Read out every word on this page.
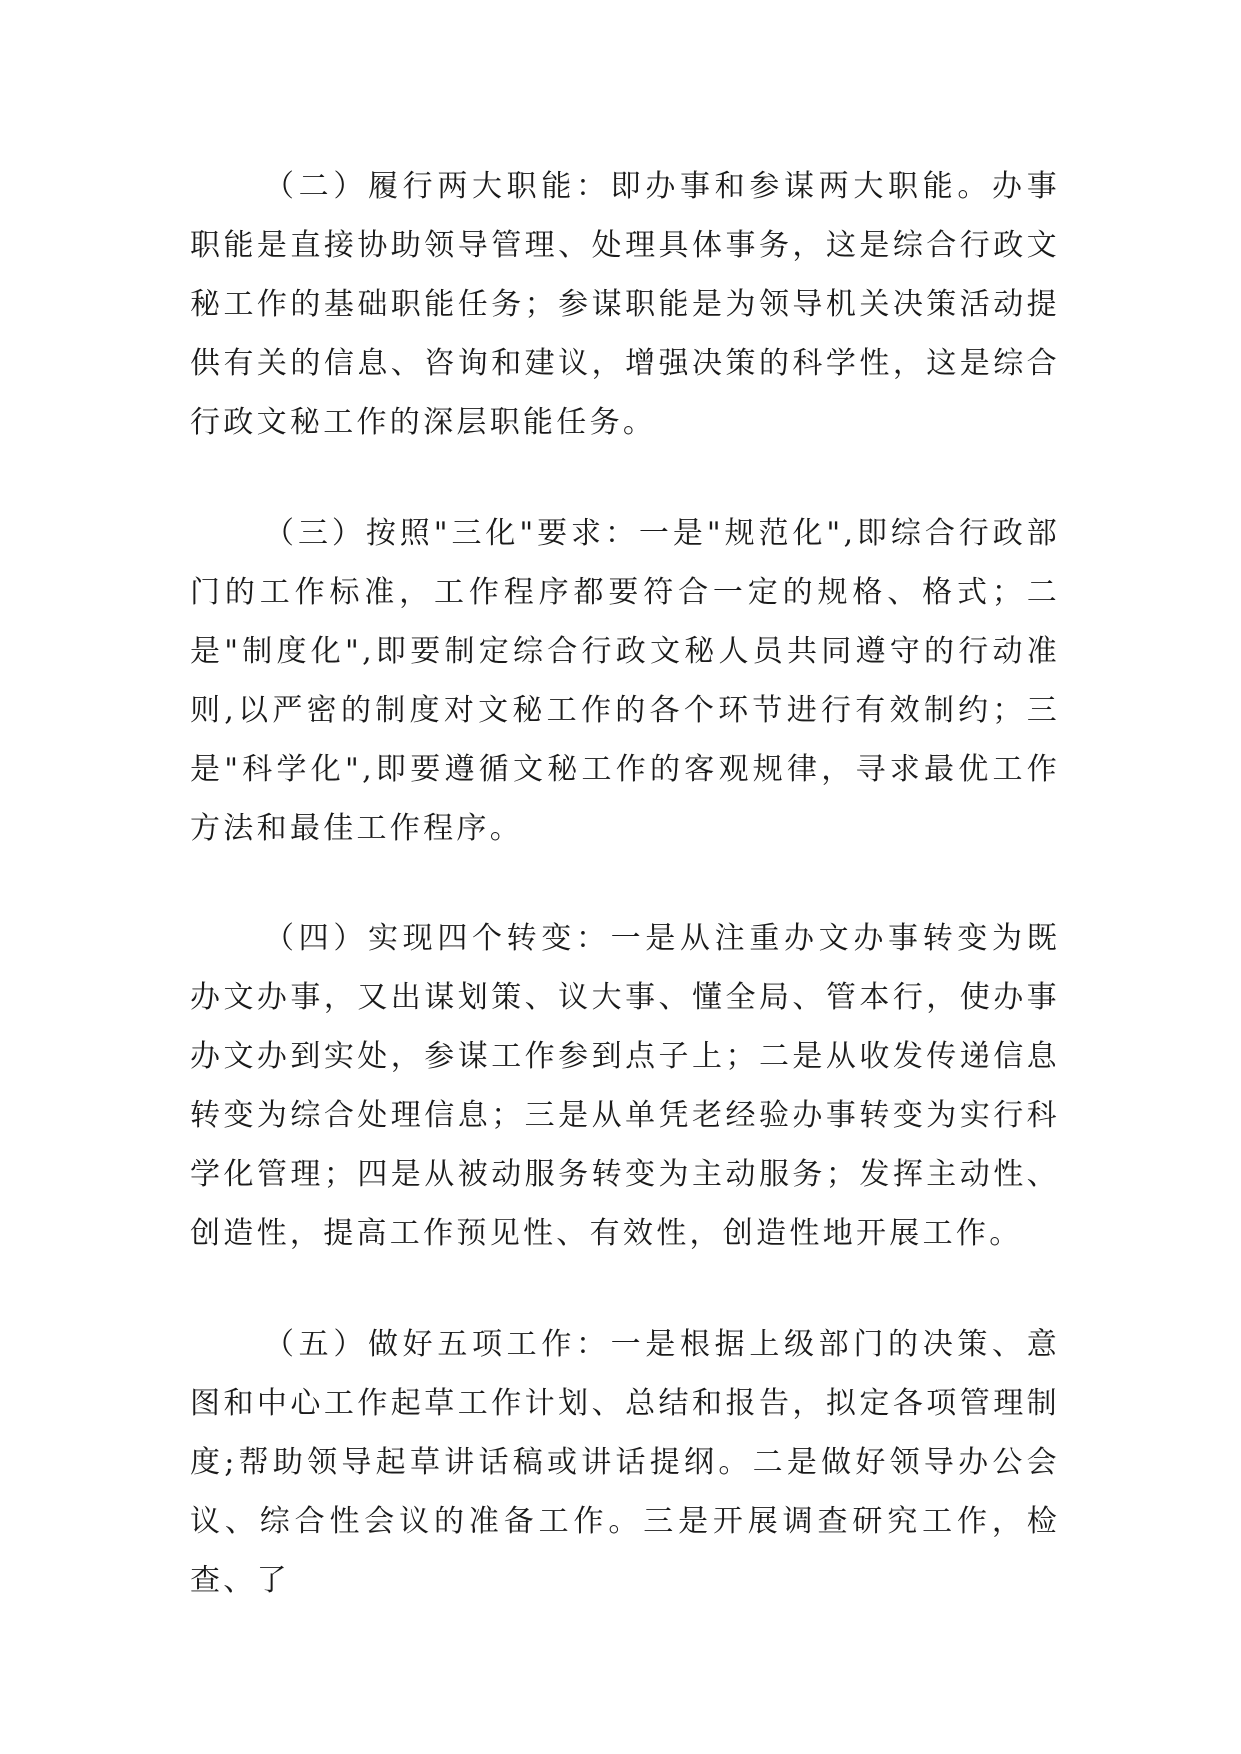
（二）履行两大职能：即办事和参谋两大职能。办事职能是直接协助领导管理、处理具体事务，这是综合行政文秘工作的基础职能任务；参谋职能是为领导机关决策活动提供有关的信息、咨询和建议，增强决策的科学性，这是综合行政文秘工作的深层职能任务。

（三）按照"三化"要求：一是"规范化",即综合行政部门的工作标准，工作程序都要符合一定的规格、格式；二是"制度化",即要制定综合行政文秘人员共同遵守的行动准则,以严密的制度对文秘工作的各个环节进行有效制约；三是"科学化",即要遵循文秘工作的客观规律，寻求最优工作方法和最佳工作程序。

（四）实现四个转变：一是从注重办文办事转变为既办文办事，又出谋划策、议大事、懂全局、管本行，使办事办文办到实处，参谋工作参到点子上；二是从收发传递信息转变为综合处理信息；三是从单凭老经验办事转变为实行科学化管理；四是从被动服务转变为主动服务；发挥主动性、创造性，提高工作预见性、有效性，创造性地开展工作。

（五）做好五项工作：一是根据上级部门的决策、意图和中心工作起草工作计划、总结和报告，拟定各项管理制度;帮助领导起草讲话稿或讲话提纲。二是做好领导办公会议、综合性会议的准备工作。三是开展调查研究工作，检查、了
